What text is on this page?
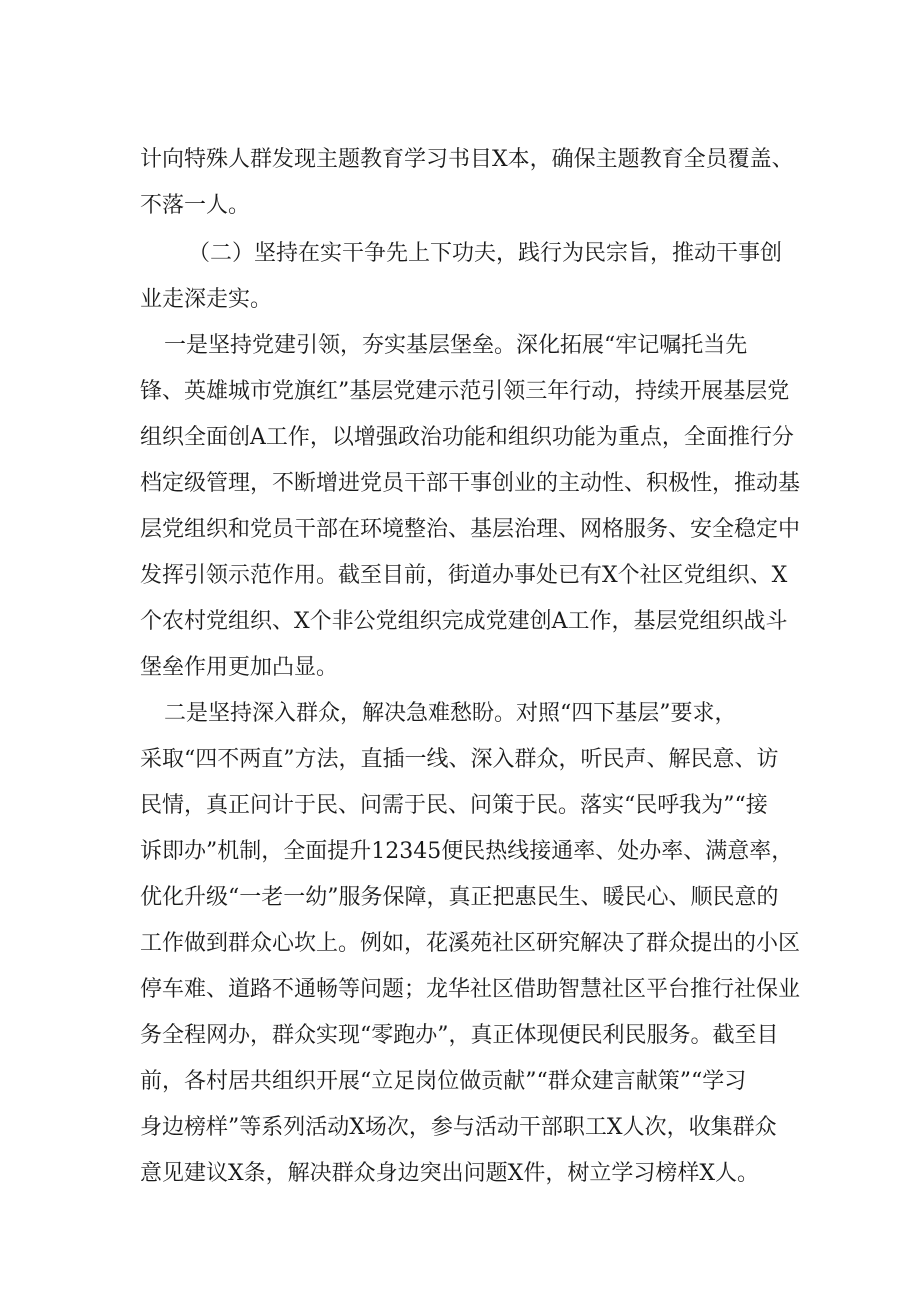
计向特殊人群发现主题教育学习书目X本，确保主题教育全员覆盖、
不落一人。
（二）坚持在实干争先上下功夫，践行为民宗旨，推动干事创
业走深走实。
一是坚持党建引领，夯实基层堡垒。深化拓展“牢记嘱托当先
锋、英雄城市党旗红”基层党建示范引领三年行动，持续开展基层党
组织全面创A工作，以增强政治功能和组织功能为重点，全面推行分
档定级管理，不断增进党员干部干事创业的主动性、积极性，推动基
层党组织和党员干部在环境整治、基层治理、网格服务、安全稳定中
发挥引领示范作用。截至目前，街道办事处已有X个社区党组织、X
个农村党组织、X个非公党组织完成党建创A工作，基层党组织战斗
堡垒作用更加凸显。
二是坚持深入群众，解决急难愁盼。对照“四下基层”要求，
采取“四不两直”方法，直插一线、深入群众，听民声、解民意、访
民情，真正问计于民、问需于民、问策于民。落实“民呼我为”“接
诉即办”机制，全面提升12345便民热线接通率、处办率、满意率，
优化升级“一老一幼”服务保障，真正把惠民生、暖民心、顺民意的
工作做到群众心坎上。例如，花溪苑社区研究解决了群众提出的小区
停车难、道路不通畅等问题；龙华社区借助智慧社区平台推行社保业
务全程网办，群众实现“零跑办”，真正体现便民利民服务。截至目
前，各村居共组织开展“立足岗位做贡献”“群众建言献策”“学习
身边榜样”等系列活动X场次，参与活动干部职工X人次，收集群众
意见建议X条，解决群众身边突出问题X件，树立学习榜样X人。
